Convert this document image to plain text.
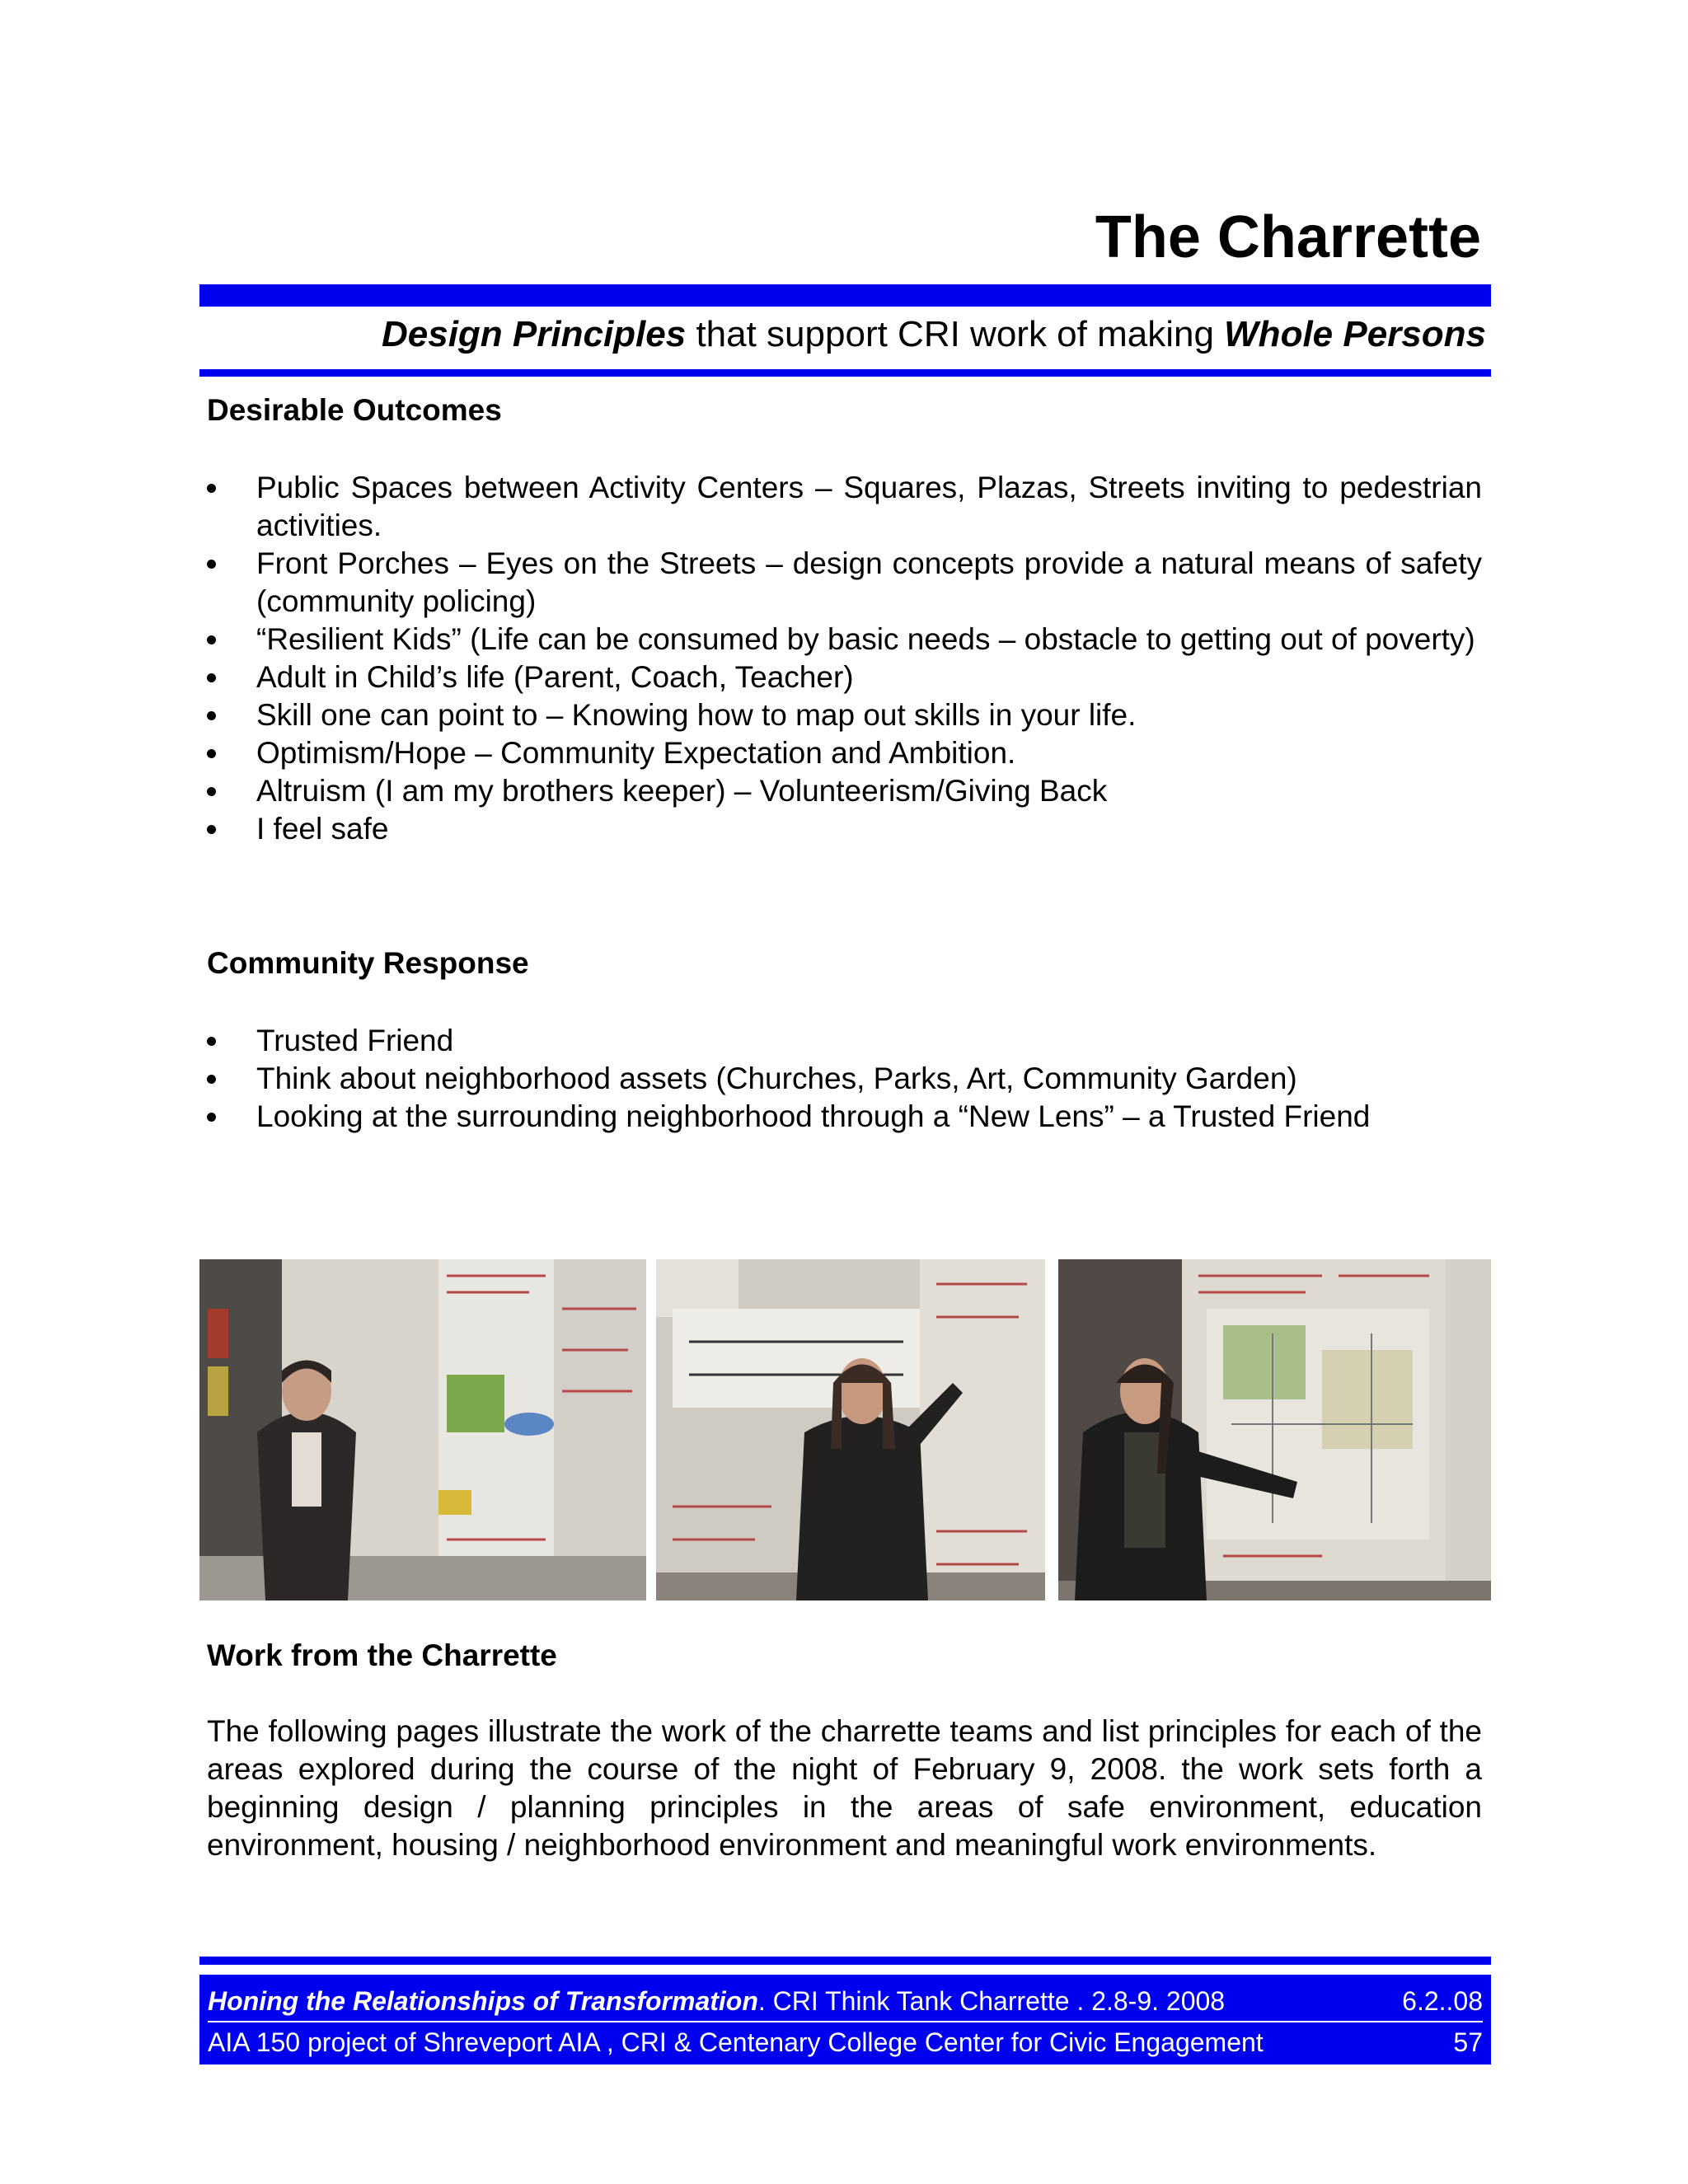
The Charrette
Design Principles that support CRI work of making Whole Persons
Desirable Outcomes
Public Spaces between Activity Centers – Squares, Plazas, Streets inviting to pedestrian activities.
Front Porches – Eyes on the Streets – design concepts provide a natural means of safety (community policing)
“Resilient Kids” (Life can be consumed by basic needs – obstacle to getting out of poverty)
Adult in Child’s life (Parent, Coach, Teacher)
Skill one can point to – Knowing how to map out skills in your life.
Optimism/Hope – Community Expectation and Ambition.
Altruism (I am my brothers keeper) – Volunteerism/Giving Back
I feel safe
Community Response
Trusted Friend
Think about neighborhood assets (Churches, Parks, Art, Community Garden)
Looking at the surrounding neighborhood through a “New Lens” – a Trusted Friend
Work from the Charrette

The following pages illustrate the work of the charrette teams and list principles for each of the areas explored during the course of the night of February 9, 2008. the work sets forth a beginning design / planning principles in the areas of safe environment, education environment, housing / neighborhood environment and meaningful work environments.

Honing the Relationships of Transformation. CRI Think Tank Charrette . 2.8-9. 2008	6.2..08
AIA 150 project of Shreveport AIA , CRI & Centenary College Center for Civic Engagement	57
